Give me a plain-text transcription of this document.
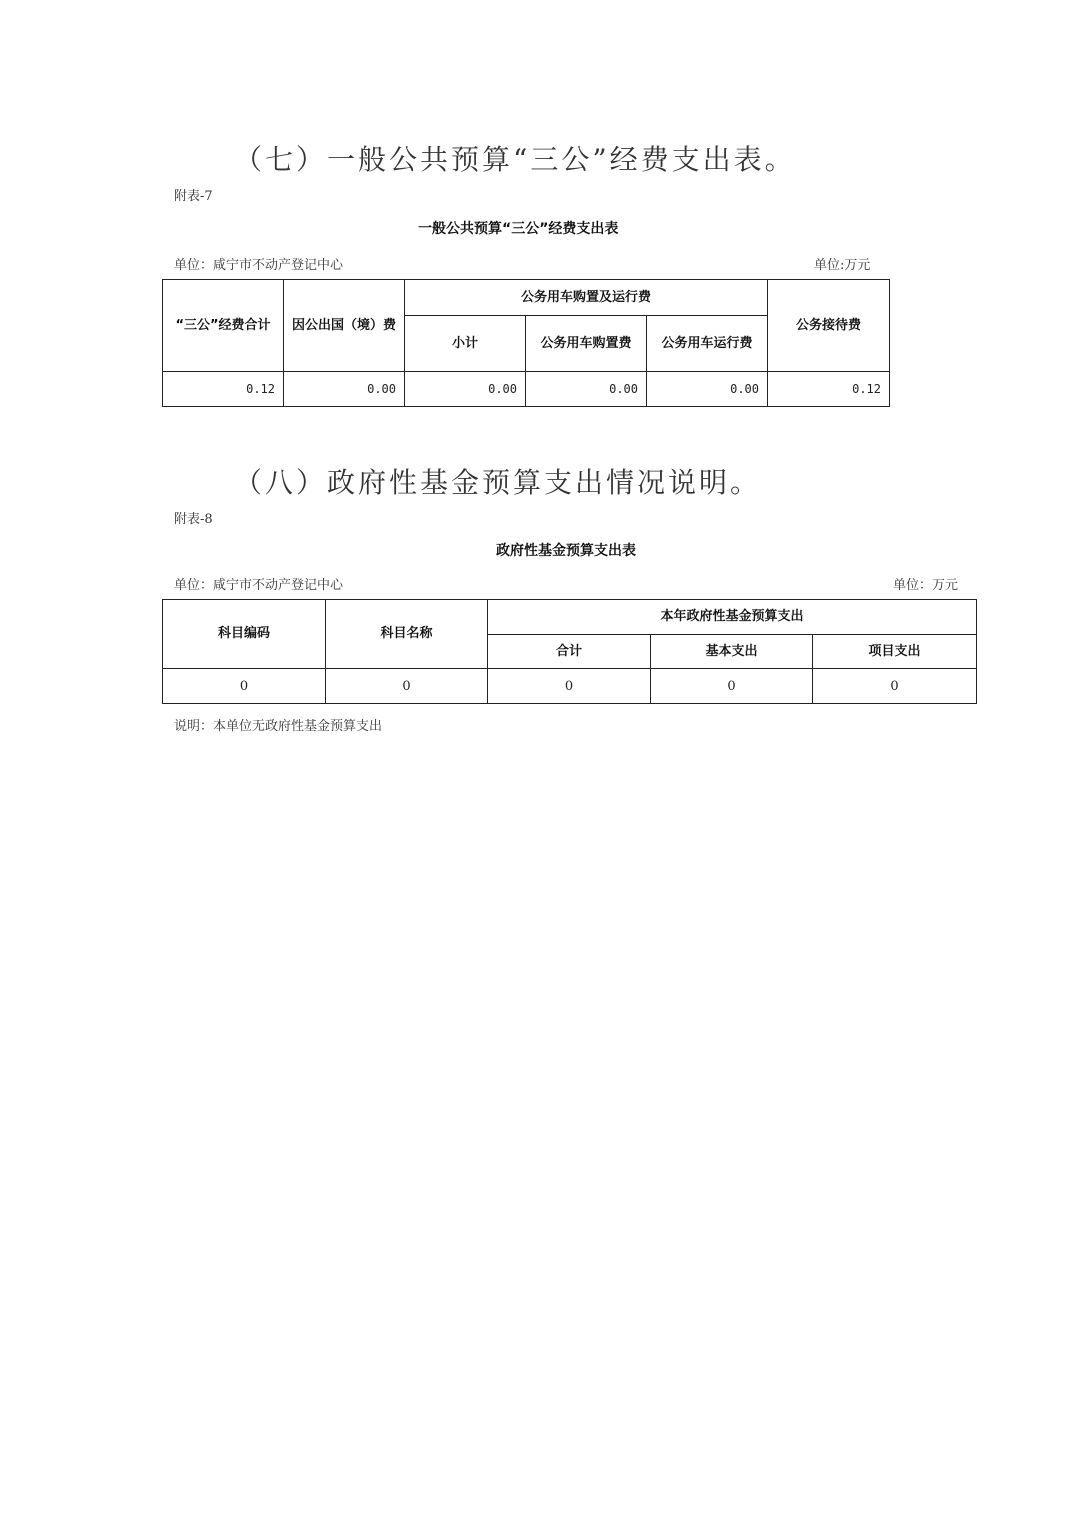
（七）一般公共预算“三公”经费支出表。
附表-7
一般公共预算“三公”经费支出表
单位：咸宁市不动产登记中心	单位:万元
“三公”经费合计	因公出国（境）费	公务用车购置及运行费			公务接待费
		小计	公务用车购置费	公务用车运行费	
0.12	0.00	0.00	0.00	0.00	0.12
（八）政府性基金预算支出情况说明。
附表-8
政府性基金预算支出表
单位：咸宁市不动产登记中心	单位：万元
科目编码	科目名称	本年政府性基金预算支出		
		合计	基本支出	项目支出
0	0	0	0	0
说明：本单位无政府性基金预算支出
